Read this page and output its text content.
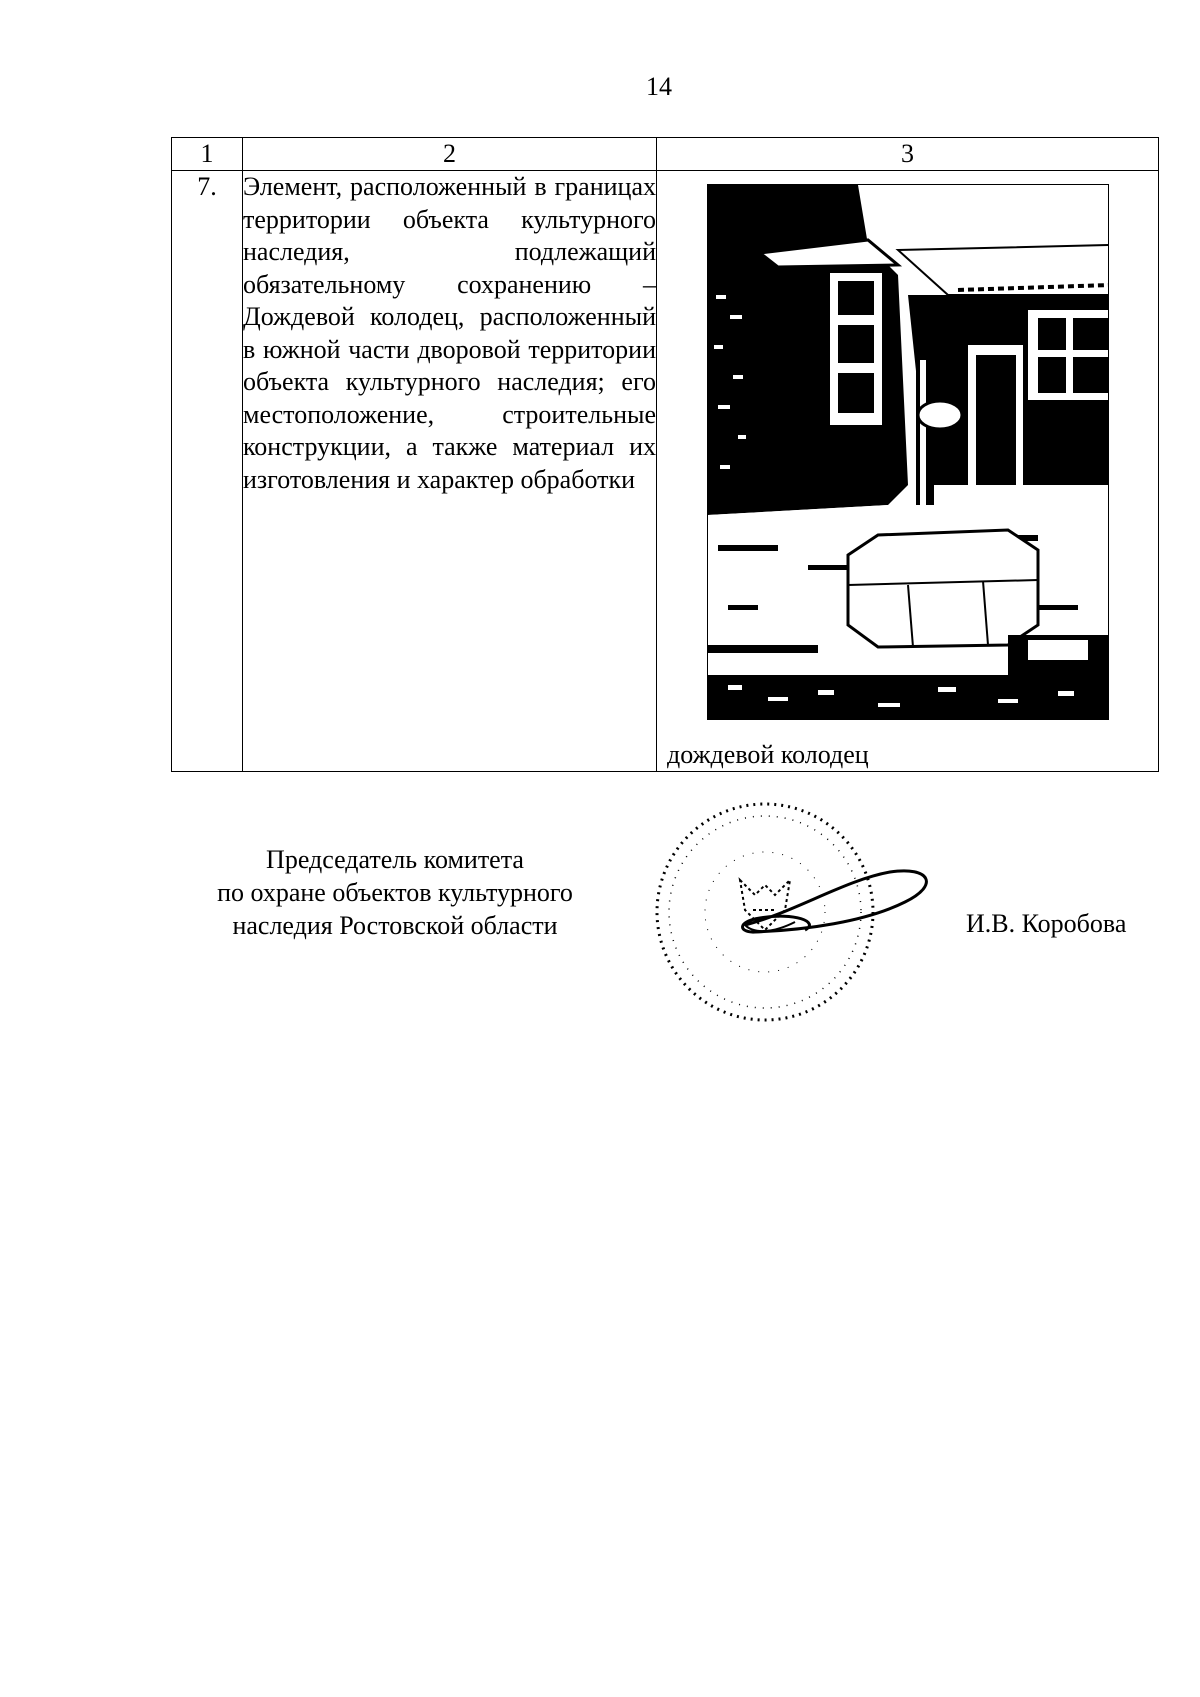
14
1	2	3
7.	Элемент, расположенный в границах территории объекта культурного наследия, подлежащий обязательному сохранению – Дождевой колодец, расположенный в южной части дворовой территории объекта культурного наследия; его местоположение, строительные конструкции, а также материал их изготовления и характер обработки	дождевой колодец
Председатель комитета
по охране объектов культурного
наследия Ростовской области	И.В. Коробова
